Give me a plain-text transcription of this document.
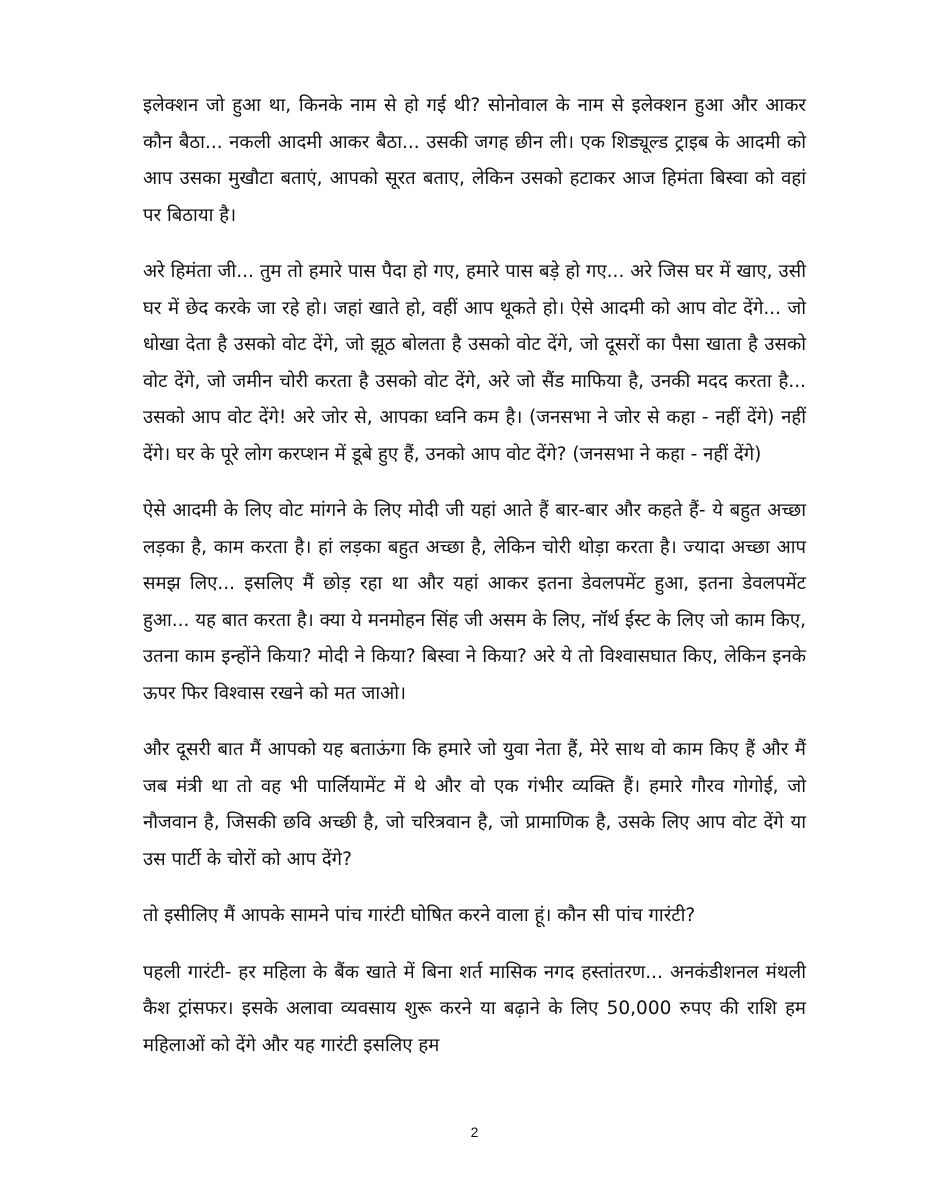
इलेक्शन जो हुआ था, किनके नाम से हो गई थी? सोनोवाल के नाम से इलेक्शन हुआ और आकर कौन बैठा... नकली आदमी आकर बैठा... उसकी जगह छीन ली। एक शिड्यूल्ड ट्राइब के आदमी को आप उसका मुखौटा बताएं, आपको सूरत बताए, लेकिन उसको हटाकर आज हिमंता बिस्वा को वहां पर बिठाया है।

अरे हिमंता जी... तुम तो हमारे पास पैदा हो गए, हमारे पास बड़े हो गए... अरे जिस घर में खाए, उसी घर में छेद करके जा रहे हो। जहां खाते हो, वहीं आप थूकते हो। ऐसे आदमी को आप वोट देंगे... जो धोखा देता है उसको वोट देंगे, जो झूठ बोलता है उसको वोट देंगे, जो दूसरों का पैसा खाता है उसको वोट देंगे, जो जमीन चोरी करता है उसको वोट देंगे, अरे जो सैंड माफिया है, उनकी मदद करता है... उसको आप वोट देंगे! अरे जोर से, आपका ध्वनि कम है। (जनसभा ने जोर से कहा - नहीं देंगे) नहीं देंगे। घर के पूरे लोग करप्शन में डूबे हुए हैं, उनको आप वोट देंगे? (जनसभा ने कहा - नहीं देंगे)

ऐसे आदमी के लिए वोट मांगने के लिए मोदी जी यहां आते हैं बार-बार और कहते हैं- ये बहुत अच्छा लड़का है, काम करता है। हां लड़का बहुत अच्छा है, लेकिन चोरी थोड़ा करता है। ज्यादा अच्छा आप समझ लिए... इसलिए मैं छोड़ रहा था और यहां आकर इतना डेवलपमेंट हुआ, इतना डेवलपमेंट हुआ... यह बात करता है। क्या ये मनमोहन सिंह जी असम के लिए, नॉर्थ ईस्ट के लिए जो काम किए, उतना काम इन्होंने किया? मोदी ने किया? बिस्वा ने किया? अरे ये तो विश्वासघात किए, लेकिन इनके ऊपर फिर विश्वास रखने को मत जाओ।

और दूसरी बात मैं आपको यह बताऊंगा कि हमारे जो युवा नेता हैं, मेरे साथ वो काम किए हैं और मैं जब मंत्री था तो वह भी पार्लियामेंट में थे और वो एक गंभीर व्यक्ति हैं। हमारे गौरव गोगोई, जो नौजवान है, जिसकी छवि अच्छी है, जो चरित्रवान है, जो प्रामाणिक है, उसके लिए आप वोट देंगे या उस पार्टी के चोरों को आप देंगे?

तो इसीलिए मैं आपके सामने पांच गारंटी घोषित करने वाला हूं। कौन सी पांच गारंटी?

पहली गारंटी- हर महिला के बैंक खाते में बिना शर्त मासिक नगद हस्तांतरण... अनकंडीशनल मंथली कैश ट्रांसफर। इसके अलावा व्यवसाय शुरू करने या बढ़ाने के लिए 50,000 रुपए की राशि हम महिलाओं को देंगे और यह गारंटी इसलिए हम

2
